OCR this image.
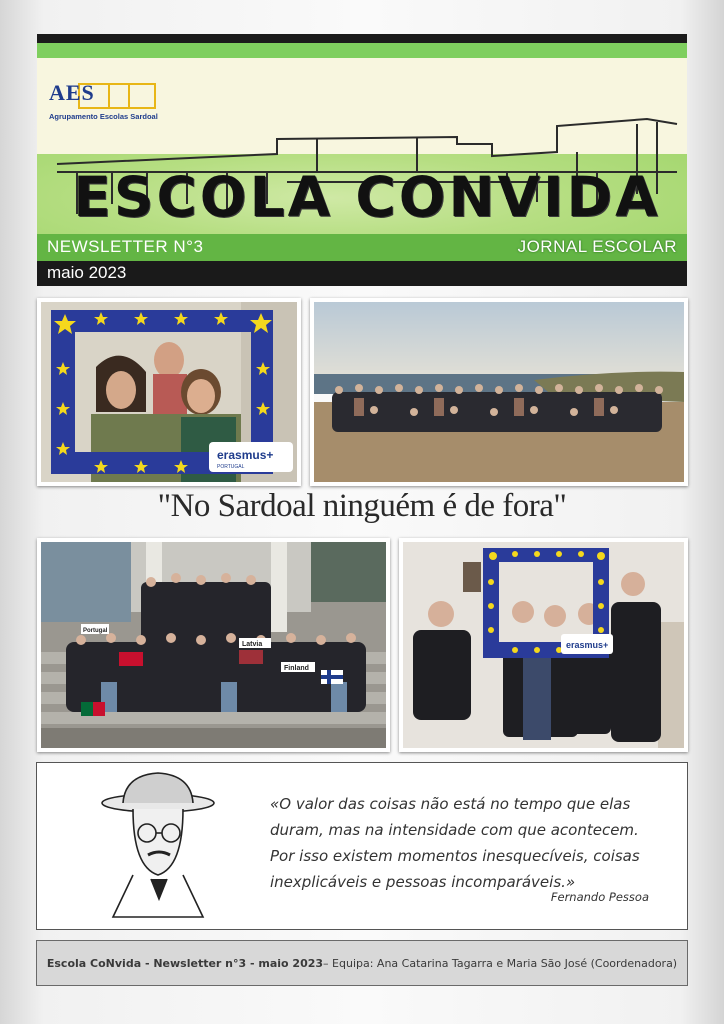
AES
Agrupamento Escolas Sardoal
ESCOLA CONVIDA
NEWSLETTER N°3	JORNAL ESCOLAR
maio 2023
erasmus+
PORTUGAL
"No Sardoal ninguém é de fora"
Portugal
Latvia
Finland
erasmus+
«O valor das coisas não está no tempo que elas
duram, mas na intensidade com que acontecem.
Por isso existem momentos inesquecíveis, coisas
inexplicáveis e pessoas incomparáveis.»
Fernando Pessoa
Escola CoNvida - Newsletter n°3 - maio 2023 – Equipa: Ana Catarina Tagarra e Maria São José (Coordenadora)
